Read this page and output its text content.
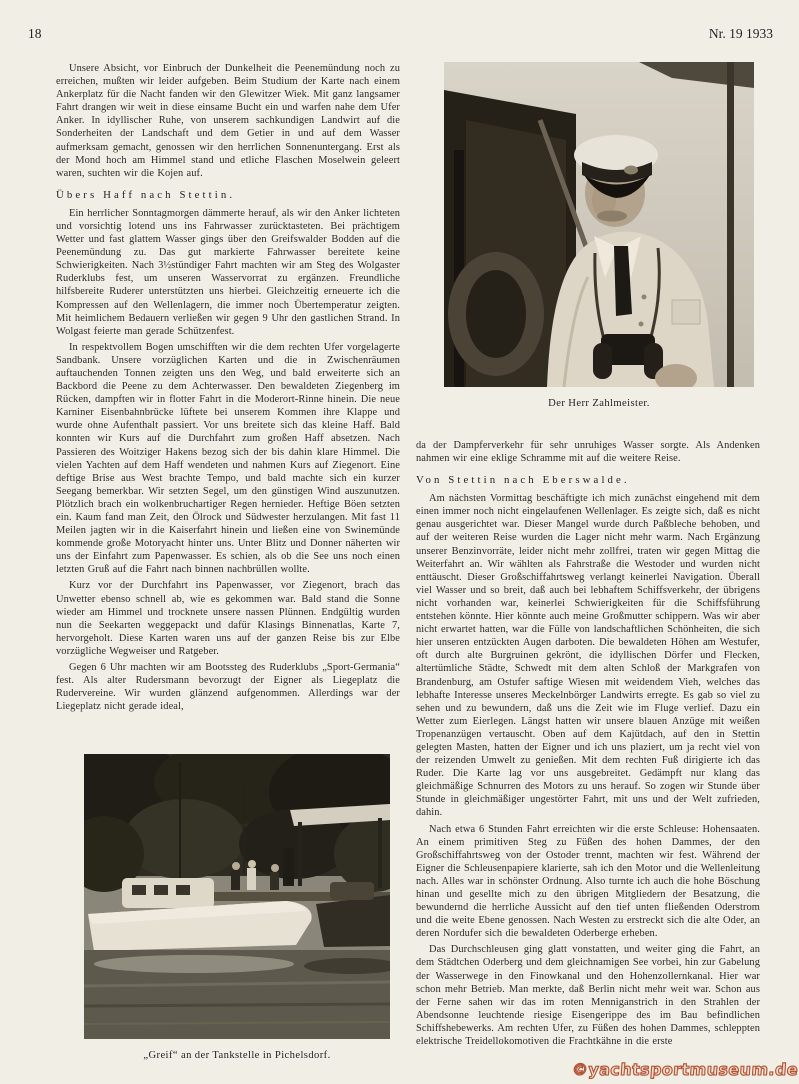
18	Nr. 19 1933

Unsere Absicht, vor Einbruch der Dunkelheit die Peenemündung noch zu erreichen, mußten wir leider aufgeben. Beim Studium der Karte nach einem Ankerplatz für die Nacht fanden wir den Glewitzer Wiek. Mit ganz langsamer Fahrt drangen wir weit in diese einsame Bucht ein und warfen nahe dem Ufer Anker. In idyllischer Ruhe, von unserem sachkundigen Landwirt auf die Sonderheiten der Landschaft und dem Getier in und auf dem Wasser aufmerksam gemacht, genossen wir den herrlichen Sonnenuntergang. Erst als der Mond hoch am Himmel stand und etliche Flaschen Moselwein geleert waren, suchten wir die Kojen auf.

Übers Haff nach Stettin.

Ein herrlicher Sonntagmorgen dämmerte herauf, als wir den Anker lichteten und vorsichtig lotend uns ins Fahrwasser zurücktasteten. Bei prächtigem Wetter und fast glattem Wasser gings über den Greifswalder Bodden auf die Peenemündung zu. Das gut markierte Fahrwasser bereitete keine Schwierigkeiten. Nach 3½stündiger Fahrt machten wir am Steg des Wolgaster Ruderklubs fest, um unseren Wasservorrat zu ergänzen. Freundliche hilfsbereite Ruderer unterstützten uns hierbei. Gleichzeitig erneuerte ich die Kompressen auf den Wellenlagern, die immer noch Übertemperatur zeigten. Mit heimlichem Bedauern verließen wir gegen 9 Uhr den gastlichen Strand. In Wolgast feierte man gerade Schützenfest.

In respektvollem Bogen umschifften wir die dem rechten Ufer vorgelagerte Sandbank. Unsere vorzüglichen Karten und die in Zwischenräumen auftauchenden Tonnen zeigten uns den Weg, und bald erweiterte sich an Backbord die Peene zu dem Achterwasser. Den bewaldeten Ziegenberg im Rücken, dampften wir in flotter Fahrt in die Moderort-Rinne hinein. Die neue Karniner Eisenbahnbrücke lüftete bei unserem Kommen ihre Klappe und wurde ohne Aufenthalt passiert. Vor uns breitete sich das kleine Haff. Bald konnten wir Kurs auf die Durchfahrt zum großen Haff absetzen. Nach Passieren des Woitziger Hakens bezog sich der bis dahin klare Himmel. Die vielen Yachten auf dem Haff wendeten und nahmen Kurs auf Ziegenort. Eine deftige Brise aus West brachte Tempo, und bald machte sich ein kurzer Seegang bemerkbar. Wir setzten Segel, um den günstigen Wind auszunutzen. Plötzlich brach ein wolkenbruchartiger Regen hernieder. Heftige Böen setzten ein. Kaum fand man Zeit, den Ölrock und Südwester herzulangen. Mit fast 11 Meilen jagten wir in die Kaiserfahrt hinein und ließen eine von Swinemünde kommende große Motoryacht hinter uns. Unter Blitz und Donner näherten wir uns der Einfahrt zum Papenwasser. Es schien, als ob die See uns noch einen letzten Gruß auf die Fahrt nach binnen nachbrüllen wollte.

Kurz vor der Durchfahrt ins Papenwasser, vor Ziegenort, brach das Unwetter ebenso schnell ab, wie es gekommen war. Bald stand die Sonne wieder am Himmel und trocknete unsere nassen Plünnen. Endgültig wurden nun die Seekarten weggepackt und dafür Klasings Binnenatlas, Karte 7, hervorgeholt. Diese Karten waren uns auf der ganzen Reise bis zur Elbe vorzügliche Wegweiser und Ratgeber.

Gegen 6 Uhr machten wir am Bootssteg des Ruderklubs „Sport-Germania“ fest. Als alter Rudersmann bevorzugt der Eigner als Liegeplatz die Rudervereine. Wir wurden glänzend aufgenommen. Allerdings war der Liegeplatz nicht gerade ideal,

„Greif“ an der Tankstelle in Pichelsdorf.
Der Herr Zahlmeister.

da der Dampferverkehr für sehr unruhiges Wasser sorgte. Als Andenken nahmen wir eine eklige Schramme mit auf die weitere Reise.

Von Stettin nach Eberswalde.

Am nächsten Vormittag beschäftigte ich mich zunächst eingehend mit dem einen immer noch nicht eingelaufenen Wellenlager. Es zeigte sich, daß es nicht genau ausgerichtet war. Dieser Mangel wurde durch Paßbleche behoben, und auf der weiteren Reise wurden die Lager nicht mehr warm. Nach Ergänzung unserer Benzinvorräte, leider nicht mehr zollfrei, traten wir gegen Mittag die Weiterfahrt an. Wir wählten als Fahrstraße die Westoder und wurden nicht enttäuscht. Dieser Großschiffahrtsweg verlangt keinerlei Navigation. Überall viel Wasser und so breit, daß auch bei lebhaftem Schiffsverkehr, der übrigens nicht vorhanden war, keinerlei Schwierigkeiten für die Schiffsführung entstehen könnte. Hier könnte auch meine Großmutter schippern. Was wir aber nicht erwartet hatten, war die Fülle von landschaftlichen Schönheiten, die sich hier unseren entzückten Augen darboten. Die bewaldeten Höhen am Westufer, oft durch alte Burgruinen gekrönt, die idyllischen Dörfer und Flecken, altertümliche Städte, Schwedt mit dem alten Schloß der Markgrafen von Brandenburg, am Ostufer saftige Wiesen mit weidendem Vieh, welches das lebhafte Interesse unseres Meckelnbörger Landwirts erregte. Es gab so viel zu sehen und zu bewundern, daß uns die Zeit wie im Fluge verlief. Dazu ein Wetter zum Eierlegen. Längst hatten wir unsere blauen Anzüge mit weißen Tropenanzügen vertauscht. Oben auf dem Kajütdach, auf den in Stettin gelegten Masten, hatten der Eigner und ich uns plaziert, um ja recht viel von der reizenden Umwelt zu genießen. Mit dem rechten Fuß dirigierte ich das Ruder. Die Karte lag vor uns ausgebreitet. Gedämpft nur klang das gleichmäßige Schnurren des Motors zu uns herauf. So zogen wir Stunde über Stunde in gleichmäßiger ungestörter Fahrt, mit uns und der Welt zufrieden, dahin.

Nach etwa 6 Stunden Fahrt erreichten wir die erste Schleuse: Hohensaaten. An einem primitiven Steg zu Füßen des hohen Dammes, der den Großschiffahrtsweg von der Ostoder trennt, machten wir fest. Während der Eigner die Schleusenpapiere klarierte, sah ich den Motor und die Wellenleitung nach. Alles war in schönster Ordnung. Also turnte ich auch die hohe Böschung hinan und gesellte mich zu den übrigen Mitgliedern der Besatzung, die bewundernd die herrliche Aussicht auf den tief unten fließenden Oderstrom und die weite Ebene genossen. Nach Westen zu erstreckt sich die alte Oder, an deren Nordufer sich die bewaldeten Oderberge erheben.

Das Durchschleusen ging glatt vonstatten, und weiter ging die Fahrt, an dem Städtchen Oderberg und dem gleichnamigen See vorbei, hin zur Gabelung der Wasserwege in den Finowkanal und den Hohenzollernkanal. Hier war schon mehr Betrieb. Man merkte, daß Berlin nicht mehr weit war. Schon aus der Ferne sahen wir das im roten Menniganstrich in den Strahlen der Abendsonne leuchtende riesige Eisengerippe des im Bau befindlichen Schiffshebewerks. Am rechten Ufer, zu Füßen des hohen Dammes, schleppten elektrische Treidellokomotiven die Frachtkähne in die erste

©yachtsportmuseum.de
